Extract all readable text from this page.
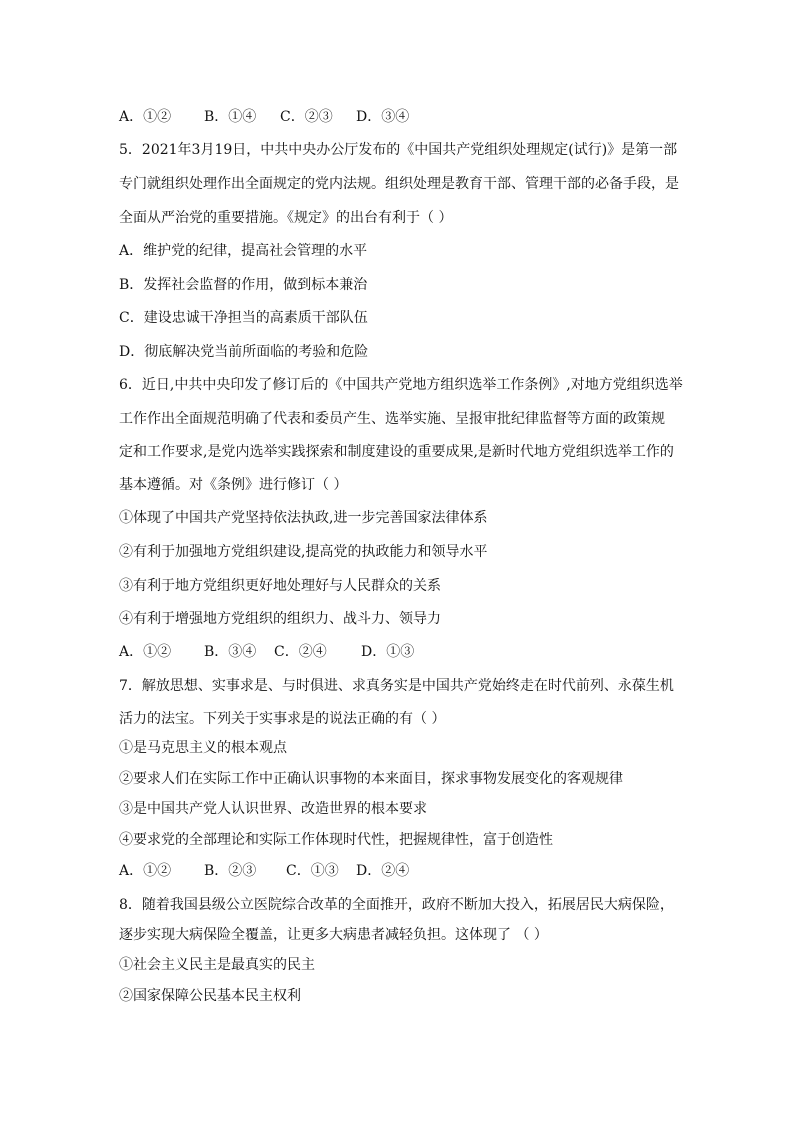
A．①② B．①④ C．②③ D．③④
5．2021年3月19日，中共中央办公厅发布的《中国共产党组织处理规定(试行)》是第一部
专门就组织处理作出全面规定的党内法规。组织处理是教育干部、管理干部的必备手段，是
全面从严治党的重要措施。《规定》的出台有利于（ ）
A．维护党的纪律，提高社会管理的水平
B．发挥社会监督的作用，做到标本兼治
C．建设忠诚干净担当的高素质干部队伍
D．彻底解决党当前所面临的考验和危险
6．近日,中共中央印发了修订后的《中国共产党地方组织选举工作条例》,对地方党组织选举
工作作出全面规范明确了代表和委员产生、选举实施、呈报审批纪律监督等方面的政策规
定和工作要求,是党内选举实践探索和制度建设的重要成果,是新时代地方党组织选举工作的
基本遵循。对《条例》进行修订（ ）
①体现了中国共产党坚持依法执政,进一步完善国家法律体系
②有利于加强地方党组织建设,提高党的执政能力和领导水平
③有利于地方党组织更好地处理好与人民群众的关系
④有利于增强地方党组织的组织力、战斗力、领导力
A．①② B．③④ C．②④ D．①③
7．解放思想、实事求是、与时俱进、求真务实是中国共产党始终走在时代前列、永葆生机
活力的法宝。下列关于实事求是的说法正确的有（ ）
①是马克思主义的根本观点
②要求人们在实际工作中正确认识事物的本来面目，探求事物发展变化的客观规律
③是中国共产党人认识世界、改造世界的根本要求
④要求党的全部理论和实际工作体现时代性，把握规律性，富于创造性
A．①② B．②③ C．①③ D．②④
8．随着我国县级公立医院综合改革的全面推开，政府不断加大投入，拓展居民大病保险，
逐步实现大病保险全覆盖，让更多大病患者减轻负担。这体现了 （ ）
①社会主义民主是最真实的民主
②国家保障公民基本民主权利
